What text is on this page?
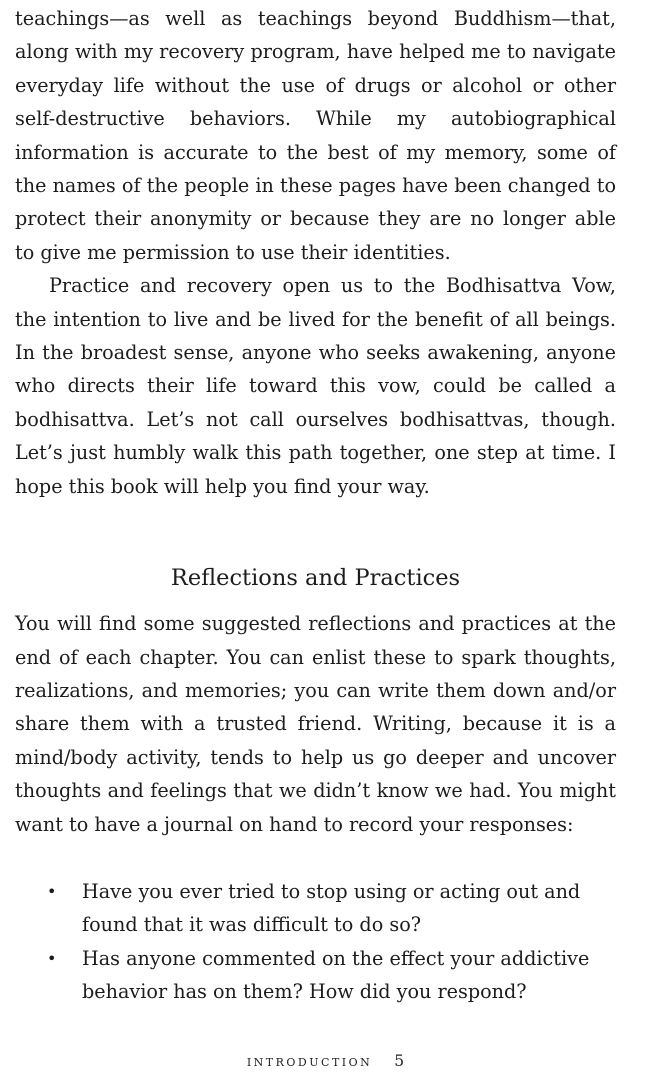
teachings—as well as teachings beyond Buddhism—that, along with my recovery program, have helped me to navigate everyday life without the use of drugs or alcohol or other self-destructive behaviors. While my autobiographical information is accurate to the best of my memory, some of the names of the people in these pages have been changed to protect their anonymity or because they are no longer able to give me permission to use their identities.

Practice and recovery open us to the Bodhisattva Vow, the intention to live and be lived for the benefit of all beings. In the broadest sense, anyone who seeks awakening, anyone who directs their life toward this vow, could be called a bodhisattva. Let’s not call ourselves bodhisattvas, though. Let’s just humbly walk this path together, one step at time. I hope this book will help you find your way.

Reflections and Practices

You will find some suggested reflections and practices at the end of each chapter. You can enlist these to spark thoughts, realizations, and memories; you can write them down and/or share them with a trusted friend. Writing, because it is a mind/body activity, tends to help us go deeper and uncover thoughts and feelings that we didn’t know we had. You might want to have a journal on hand to record your responses:

• Have you ever tried to stop using or acting out and found that it was difficult to do so?
• Has anyone commented on the effect your addictive behavior has on them? How did you respond?
introduction 5
